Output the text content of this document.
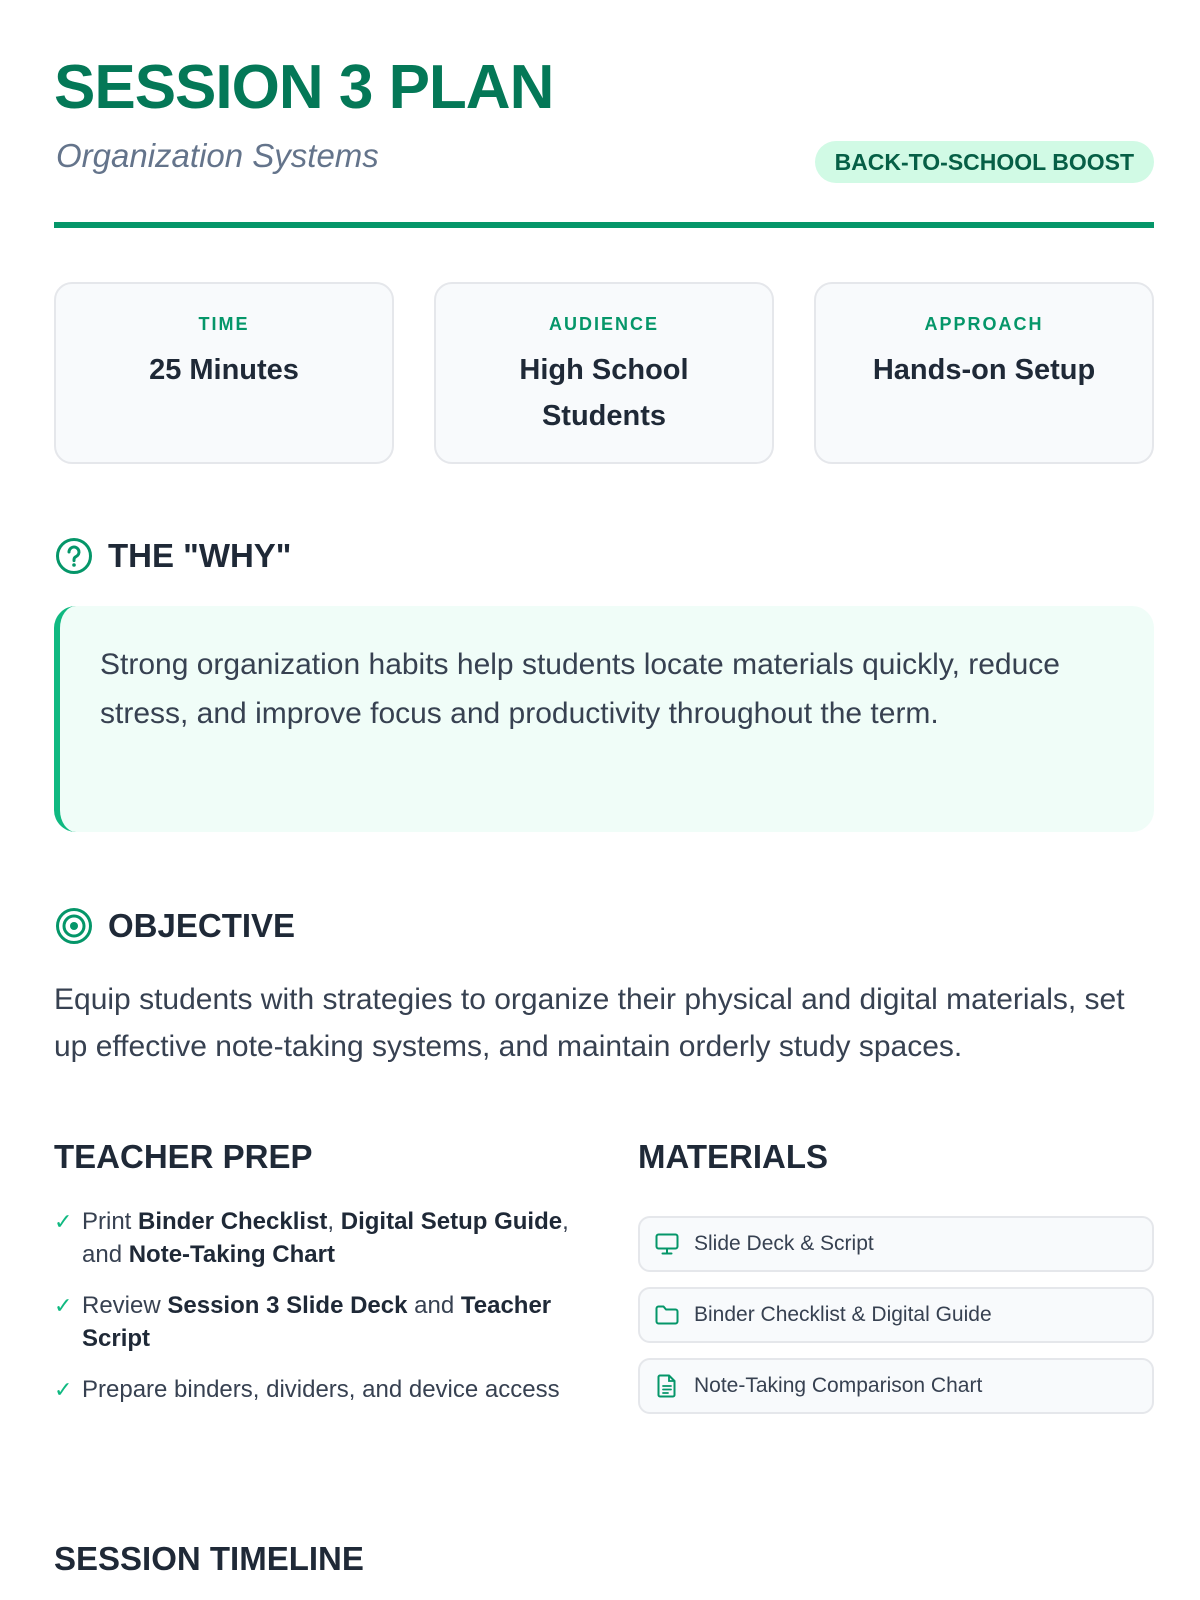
SESSION 3 PLAN
Organization Systems	BACK-TO-SCHOOL BOOST
TIME
25 Minutes
AUDIENCE
High School Students
APPROACH
Hands-on Setup
THE "WHY"

Strong organization habits help students locate materials quickly, reduce stress, and improve focus and productivity throughout the term.

OBJECTIVE

Equip students with strategies to organize their physical and digital materials, set up effective note-taking systems, and maintain orderly study spaces.

TEACHER PREP
✓ Print Binder Checklist, Digital Setup Guide, and Note-Taking Chart
✓ Review Session 3 Slide Deck and Teacher Script
✓ Prepare binders, dividers, and device access
MATERIALS
Slide Deck & Script
Binder Checklist & Digital Guide
Note-Taking Comparison Chart
SESSION TIMELINE
